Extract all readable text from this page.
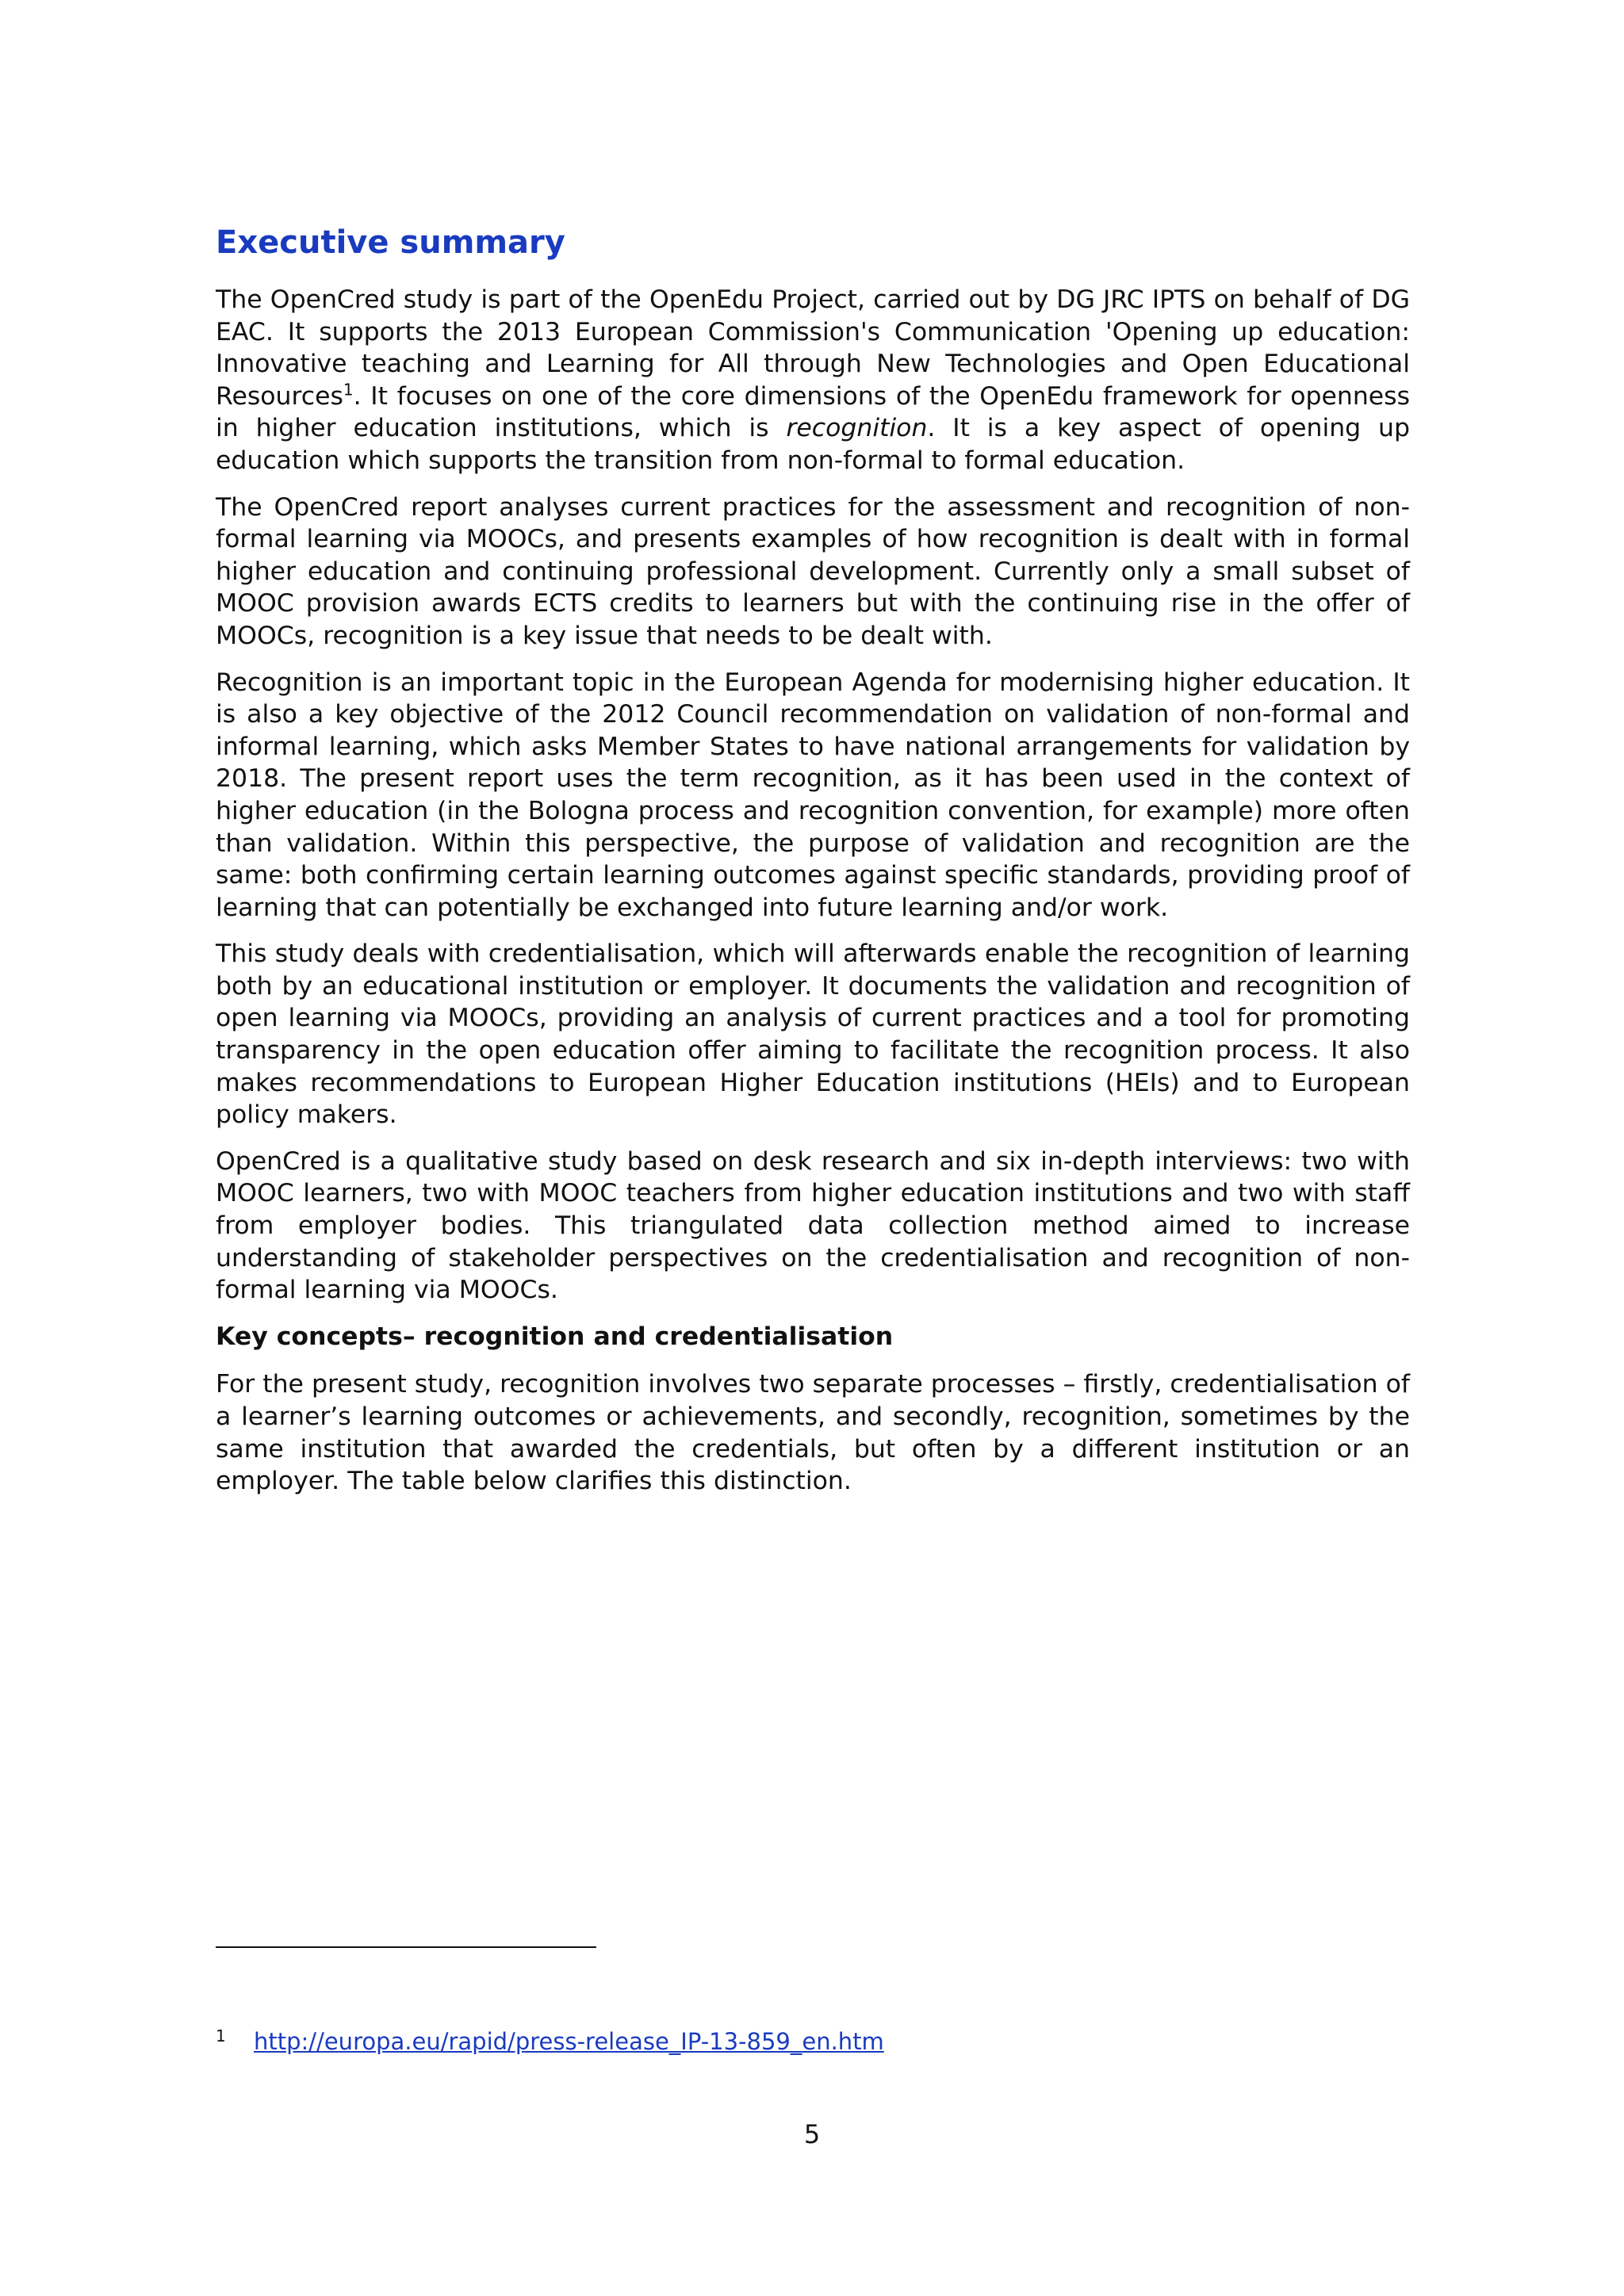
Executive summary

The OpenCred study is part of the OpenEdu Project, carried out by DG JRC IPTS on behalf of DG EAC. It supports the 2013 European Commission's Communication 'Opening up education: Innovative teaching and Learning for All through New Technologies and Open Educational Resources$^1$. It focuses on one of the core dimensions of the OpenEdu framework for openness in higher education institutions, which is recognition. It is a key aspect of opening up education which supports the transition from non-formal to formal education.

The OpenCred report analyses current practices for the assessment and recognition of non-formal learning via MOOCs, and presents examples of how recognition is dealt with in formal higher education and continuing professional development. Currently only a small subset of MOOC provision awards ECTS credits to learners but with the continuing rise in the offer of MOOCs, recognition is a key issue that needs to be dealt with.

Recognition is an important topic in the European Agenda for modernising higher education. It is also a key objective of the 2012 Council recommendation on validation of non-formal and informal learning, which asks Member States to have national arrangements for validation by 2018. The present report uses the term recognition, as it has been used in the context of higher education (in the Bologna process and recognition convention, for example) more often than validation. Within this perspective, the purpose of validation and recognition are the same: both confirming certain learning outcomes against specific standards, providing proof of learning that can potentially be exchanged into future learning and/or work.

This study deals with credentialisation, which will afterwards enable the recognition of learning both by an educational institution or employer. It documents the validation and recognition of open learning via MOOCs, providing an analysis of current practices and a tool for promoting transparency in the open education offer aiming to facilitate the recognition process. It also makes recommendations to European Higher Education institutions (HEIs) and to European policy makers.

OpenCred is a qualitative study based on desk research and six in-depth interviews: two with MOOC learners, two with MOOC teachers from higher education institutions and two with staff from employer bodies. This triangulated data collection method aimed to increase understanding of stakeholder perspectives on the credentialisation and recognition of non-formal learning via MOOCs.

Key concepts– recognition and credentialisation

For the present study, recognition involves two separate processes – firstly, credentialisation of a learner’s learning outcomes or achievements, and secondly, recognition, sometimes by the same institution that awarded the credentials, but often by a different institution or an employer. The table below clarifies this distinction.

1 http://europa.eu/rapid/press-release_IP-13-859_en.htm
5
